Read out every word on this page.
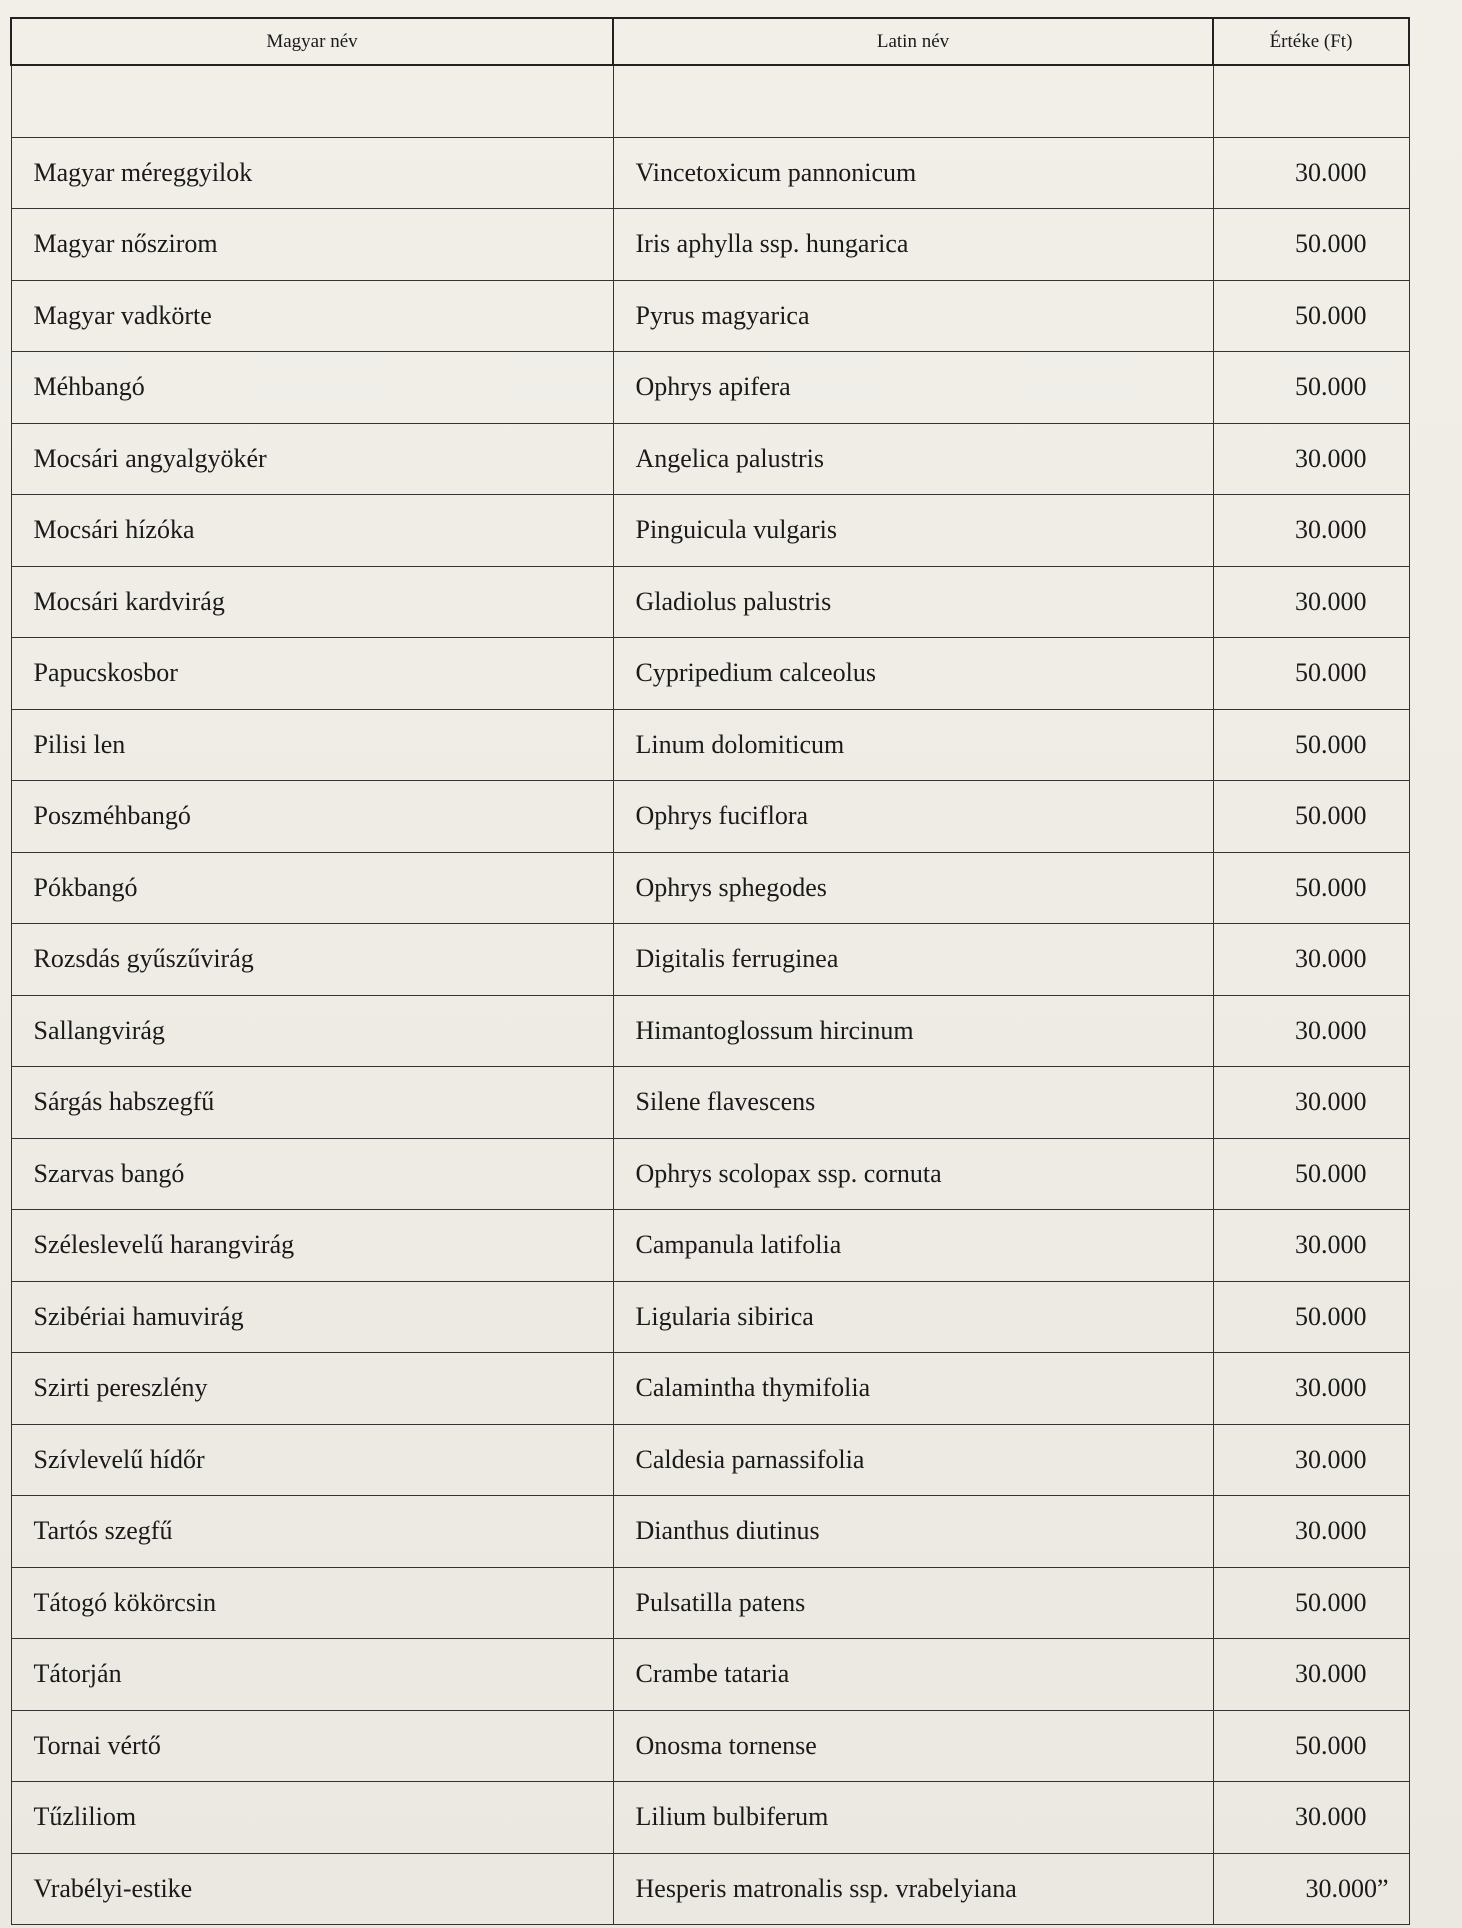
Magyar név	Latin név	Értéke (Ft)

Magyar méreggyilok	Vincetoxicum pannonicum	30.000
Magyar nőszirom	Iris aphylla ssp. hungarica	50.000
Magyar vadkörte	Pyrus magyarica	50.000
Méhbangó	Ophrys apifera	50.000
Mocsári angyalgyökér	Angelica palustris	30.000
Mocsári hízóka	Pinguicula vulgaris	30.000
Mocsári kardvirág	Gladiolus palustris	30.000
Papucskosbor	Cypripedium calceolus	50.000
Pilisi len	Linum dolomiticum	50.000
Poszméhbangó	Ophrys fuciflora	50.000
Pókbangó	Ophrys sphegodes	50.000
Rozsdás gyűszűvirág	Digitalis ferruginea	30.000
Sallangvirág	Himantoglossum hircinum	30.000
Sárgás habszegfű	Silene flavescens	30.000
Szarvas bangó	Ophrys scolopax ssp. cornuta	50.000
Széleslevelű harangvirág	Campanula latifolia	30.000
Szibériai hamuvirág	Ligularia sibirica	50.000
Szirti pereszlény	Calamintha thymifolia	30.000
Szívlevelű hídőr	Caldesia parnassifolia	30.000
Tartós szegfű	Dianthus diutinus	30.000
Tátogó kökörcsin	Pulsatilla patens	50.000
Tátorján	Crambe tataria	30.000
Tornai vértő	Onosma tornense	50.000
Tűzliliom	Lilium bulbiferum	30.000
Vrabélyi-estike	Hesperis matronalis ssp. vrabelyiana	30.000”
